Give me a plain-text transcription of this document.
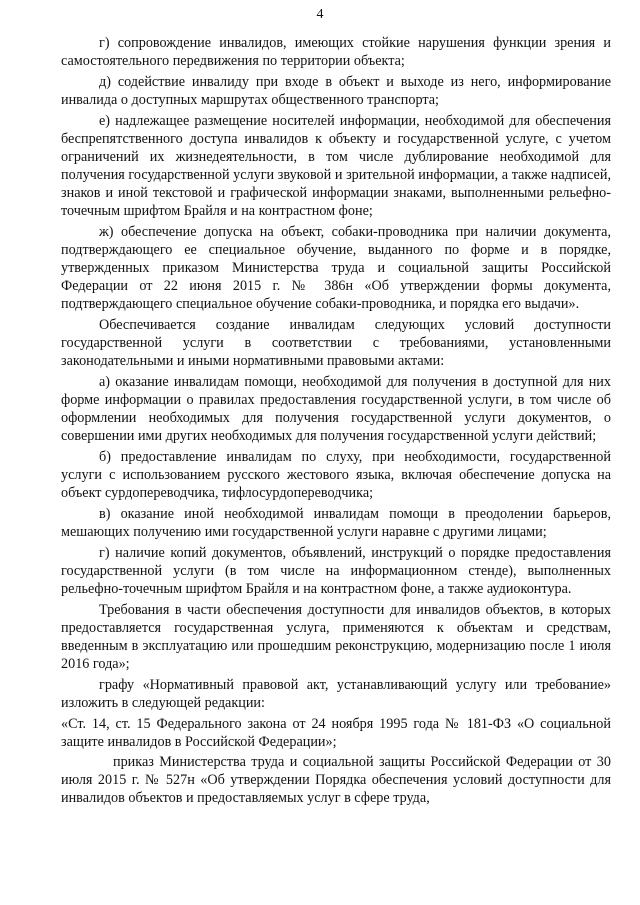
4

г) сопровождение инвалидов, имеющих стойкие нарушения функции зрения и самостоятельного передвижения по территории объекта;

д) содействие инвалиду при входе в объект и выходе из него, информирование инвалида о доступных маршрутах общественного транспорта;

е) надлежащее размещение носителей информации, необходимой для обеспечения беспрепятственного доступа инвалидов к объекту и государственной услуге, с учетом ограничений их жизнедеятельности, в том числе дублирование необходимой для получения государственной услуги звуковой и зрительной информации, а также надписей, знаков и иной текстовой и графической информации знаками, выполненными рельефно-точечным шрифтом Брайля и на контрастном фоне;

ж) обеспечение допуска на объект, собаки-проводника при наличии документа, подтверждающего ее специальное обучение, выданного по форме и в порядке, утвержденных приказом Министерства труда и социальной защиты Российской Федерации от 22 июня 2015 г. № 386н «Об утверждении формы документа, подтверждающего специальное обучение собаки-проводника, и порядка его выдачи».

Обеспечивается создание инвалидам следующих условий доступности государственной услуги в соответствии с требованиями, установленными законодательными и иными нормативными правовыми актами:

а) оказание инвалидам помощи, необходимой для получения в доступной для них форме информации о правилах предоставления государственной услуги, в том числе об оформлении необходимых для получения государственной услуги документов, о совершении ими других необходимых для получения государственной услуги действий;

б) предоставление инвалидам по слуху, при необходимости, государственной услуги с использованием русского жестового языка, включая обеспечение допуска на объект сурдопереводчика, тифлосурдопереводчика;

в) оказание иной необходимой инвалидам помощи в преодолении барьеров, мешающих получению ими государственной услуги наравне с другими лицами;

г) наличие копий документов, объявлений, инструкций о порядке предоставления государственной услуги (в том числе на информационном стенде), выполненных рельефно-точечным шрифтом Брайля и на контрастном фоне, а также аудиоконтура.

Требования в части обеспечения доступности для инвалидов объектов, в которых предоставляется государственная услуга, применяются к объектам и средствам, введенным в эксплуатацию или прошедшим реконструкцию, модернизацию после 1 июля 2016 года»;

графу «Нормативный правовой акт, устанавливающий услугу или требование» изложить в следующей редакции:

«Ст. 14, ст. 15 Федерального закона от 24 ноября 1995 года № 181-ФЗ «О социальной защите инвалидов в Российской Федерации»;

приказ Министерства труда и социальной защиты Российской Федерации от 30 июля 2015 г. № 527н «Об утверждении Порядка обеспечения условий доступности для инвалидов объектов и предоставляемых услуг в сфере труда,
